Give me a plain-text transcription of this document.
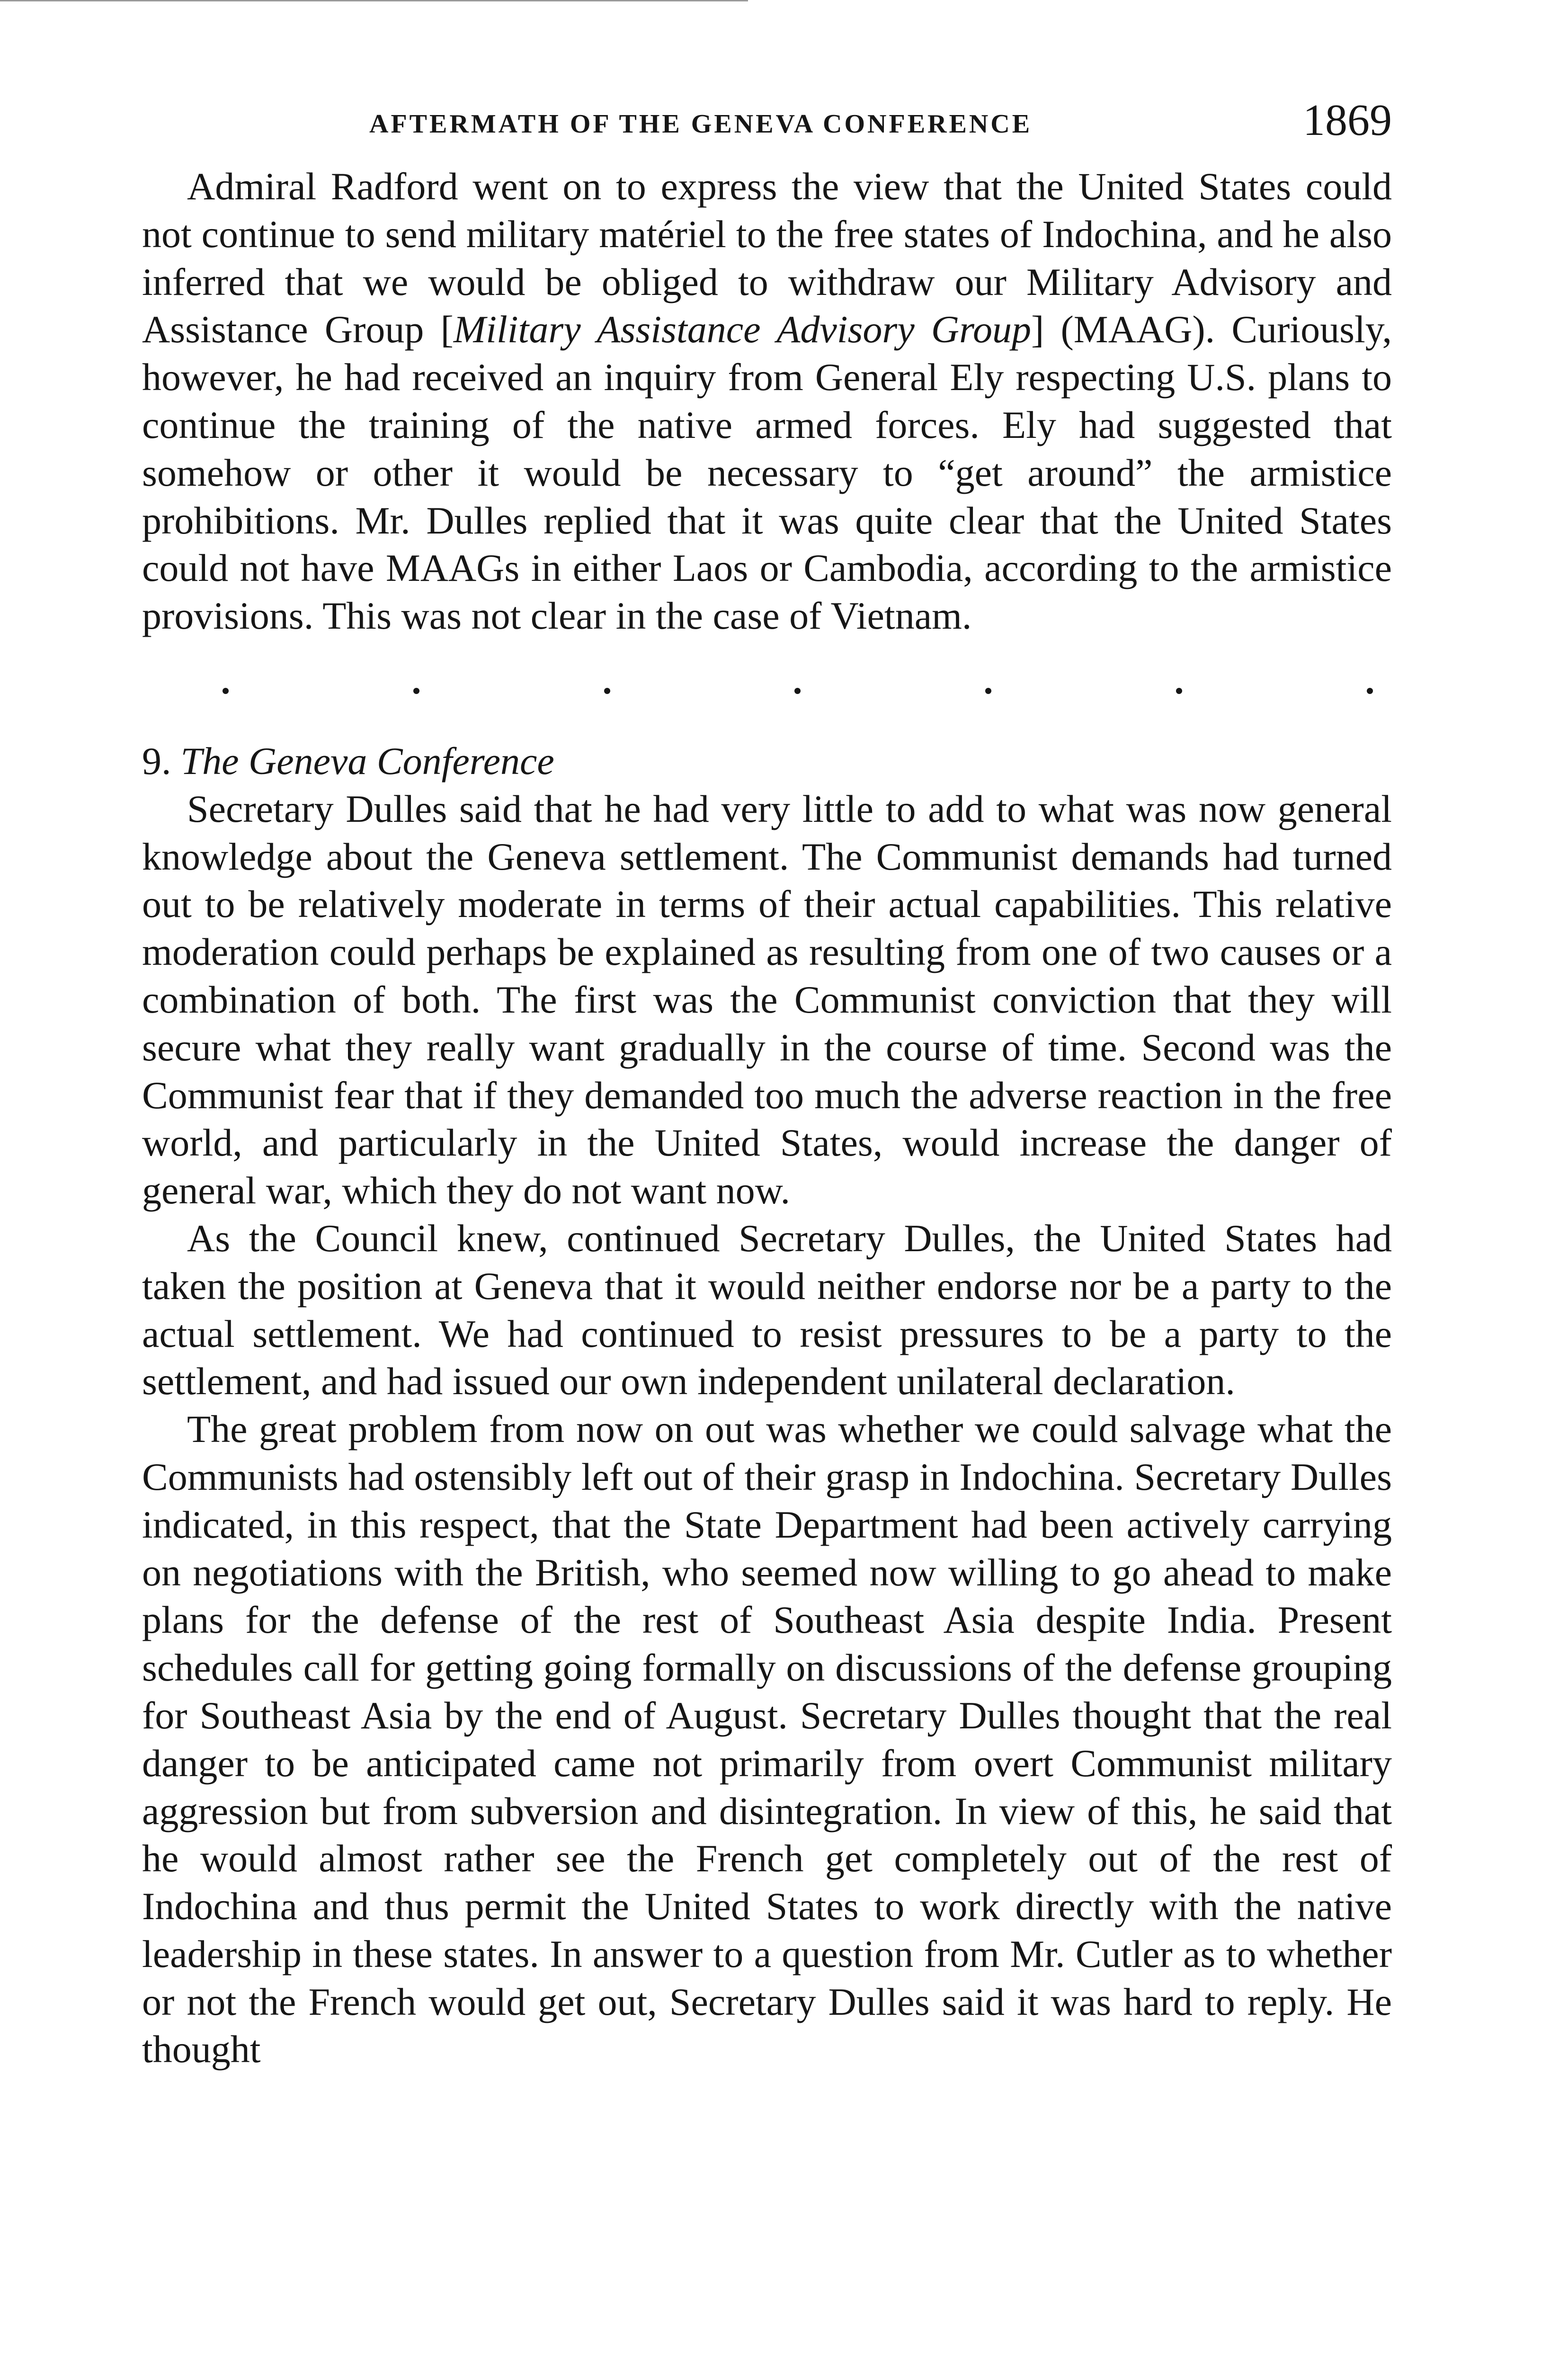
AFTERMATH OF THE GENEVA CONFERENCE	1869

Admiral Radford went on to express the view that the United States could not continue to send military matériel to the free states of Indochina, and he also inferred that we would be obliged to withdraw our Military Advisory and Assistance Group [Military Assistance Advisory Group] (MAAG). Curiously, however, he had received an inquiry from General Ely respecting U.S. plans to continue the training of the native armed forces. Ely had suggested that somehow or other it would be necessary to “get around” the armistice prohibitions. Mr. Dulles replied that it was quite clear that the United States could not have MAAGs in either Laos or Cambodia, according to the armistice provisions. This was not clear in the case of Vietnam.

9. The Geneva Conference

Secretary Dulles said that he had very little to add to what was now general knowledge about the Geneva settlement. The Communist demands had turned out to be relatively moderate in terms of their actual capabilities. This relative moderation could perhaps be explained as resulting from one of two causes or a combination of both. The first was the Communist conviction that they will secure what they really want gradually in the course of time. Second was the Communist fear that if they demanded too much the adverse reaction in the free world, and particularly in the United States, would increase the danger of general war, which they do not want now.

As the Council knew, continued Secretary Dulles, the United States had taken the position at Geneva that it would neither endorse nor be a party to the actual settlement. We had continued to resist pressures to be a party to the settlement, and had issued our own independent unilateral declaration.

The great problem from now on out was whether we could salvage what the Communists had ostensibly left out of their grasp in Indochina. Secretary Dulles indicated, in this respect, that the State Department had been actively carrying on negotiations with the British, who seemed now willing to go ahead to make plans for the defense of the rest of Southeast Asia despite India. Present schedules call for getting going formally on discussions of the defense grouping for Southeast Asia by the end of August. Secretary Dulles thought that the real danger to be anticipated came not primarily from overt Communist military aggression but from subversion and disintegration. In view of this, he said that he would almost rather see the French get completely out of the rest of Indochina and thus permit the United States to work directly with the native leadership in these states. In answer to a question from Mr. Cutler as to whether or not the French would get out, Secretary Dulles said it was hard to reply. He thought
